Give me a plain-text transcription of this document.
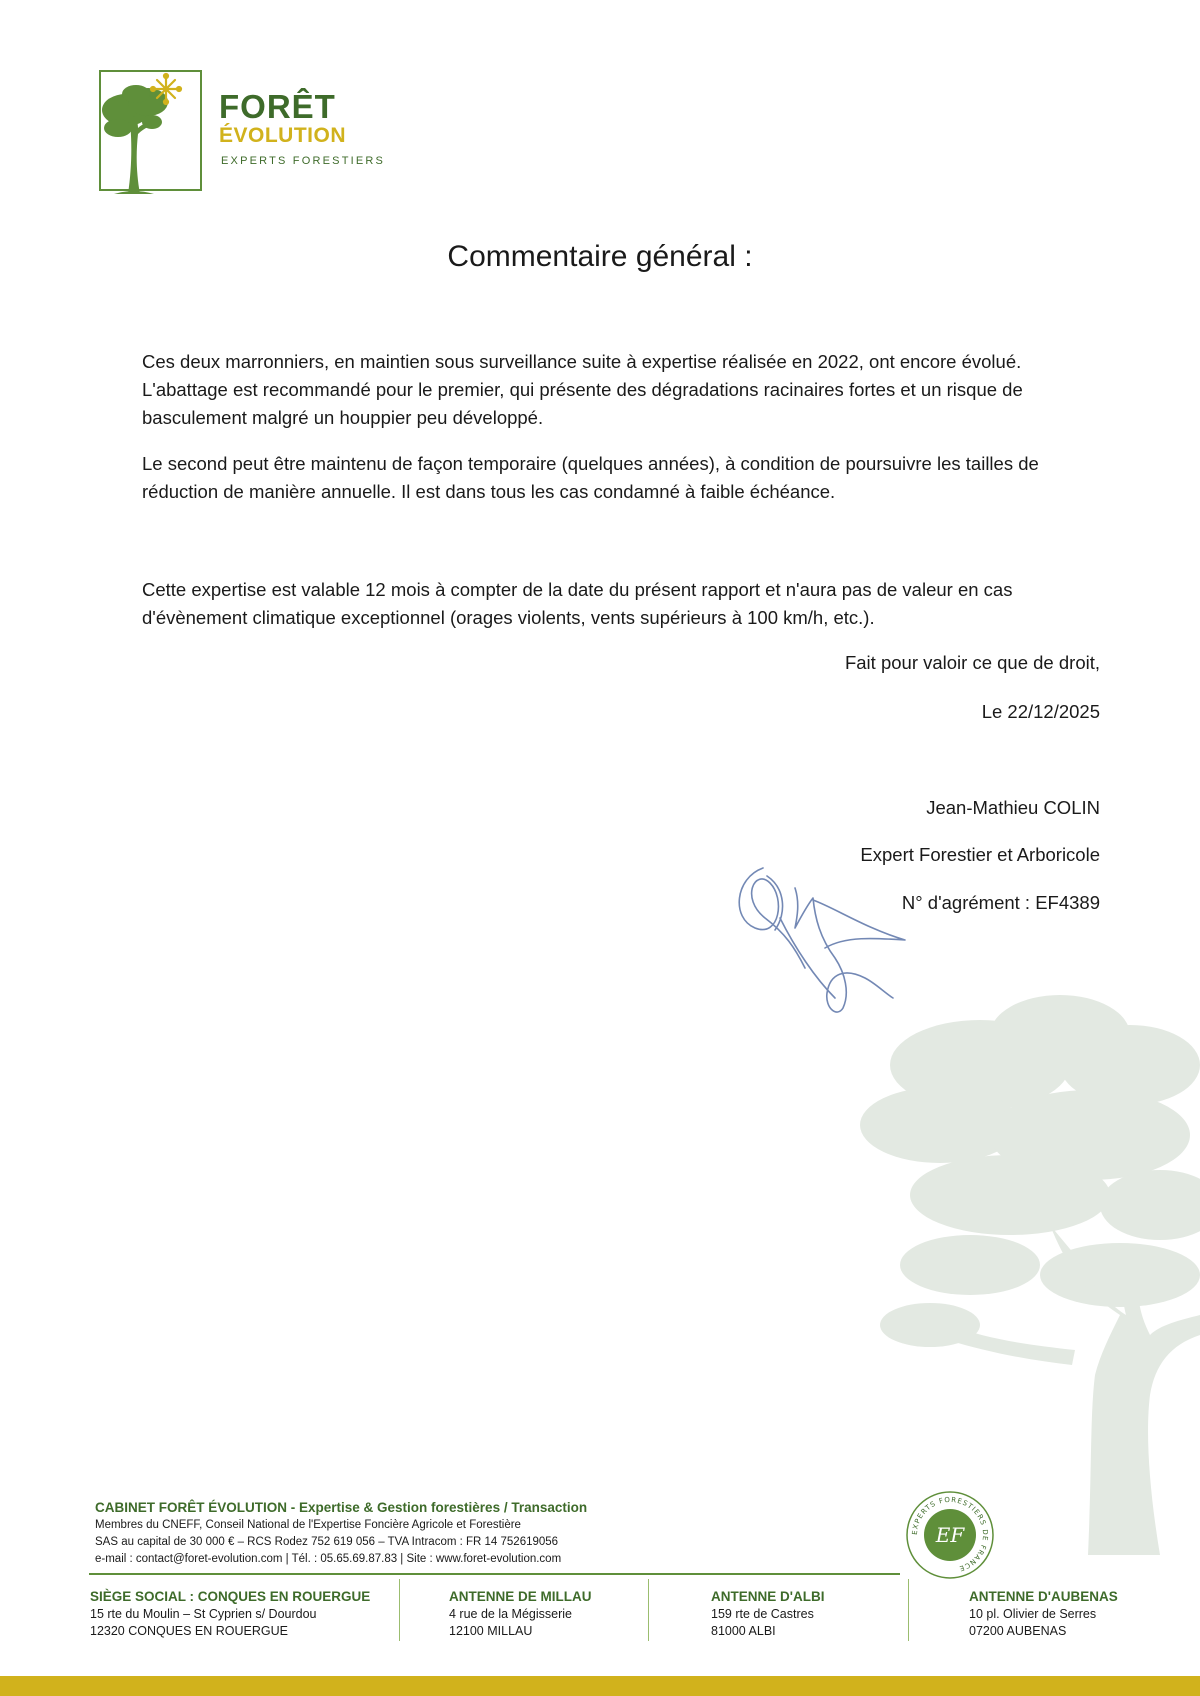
FORÊT
ÉVOLUTION
EXPERTS FORESTIERS
Commentaire général :
Ces deux marronniers, en maintien sous surveillance suite à expertise réalisée en 2022, ont encore évolué. L'abattage est recommandé pour le premier, qui présente des dégradations racinaires fortes et un risque de basculement malgré un houppier peu développé.
Le second peut être maintenu de façon temporaire (quelques années), à condition de poursuivre les tailles de réduction de manière annuelle. Il est dans tous les cas condamné à faible échéance.
Cette expertise est valable 12 mois à compter de la date du présent rapport et n'aura pas de valeur en cas d'évènement climatique exceptionnel (orages violents, vents supérieurs à 100 km/h, etc.).
Fait pour valoir ce que de droit,
Le 22/12/2025
Jean-Mathieu COLIN
Expert Forestier et Arboricole
N° d'agrément : EF4389
CABINET FORÊT ÉVOLUTION - Expertise & Gestion forestières / Transaction
Membres du CNEFF, Conseil National de l'Expertise Foncière Agricole et Forestière
SAS au capital de 30 000 € – RCS Rodez 752 619 056 – TVA Intracom : FR 14 752619056
e-mail : contact@foret-evolution.com | Tél. : 05.65.69.87.83 | Site : www.foret-evolution.com
EXPERTS FORESTIERS DE FRANCE
EF
SIÈGE SOCIAL : CONQUES EN ROUERGUE
15 rte du Moulin – St Cyprien s/ Dourdou
12320 CONQUES EN ROUERGUE
ANTENNE DE MILLAU
4 rue de la Mégisserie
12100 MILLAU
ANTENNE D'ALBI
159 rte de Castres
81000 ALBI
ANTENNE D'AUBENAS
10 pl. Olivier de Serres
07200 AUBENAS
